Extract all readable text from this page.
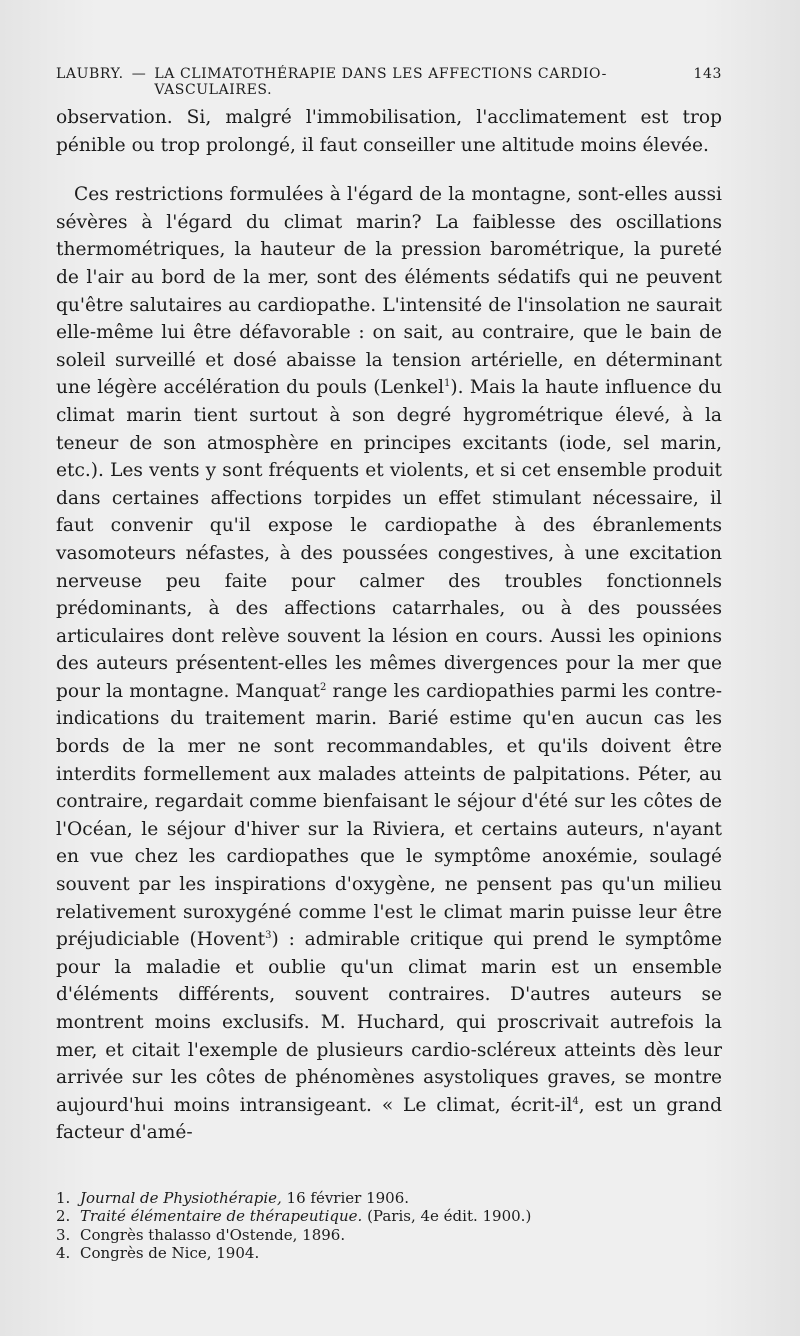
LAUBRY. — LA CLIMATOTHÉRAPIE DANS LES AFFECTIONS CARDIO-VASCULAIRES.
143

observation. Si, malgré l'immobilisation, l'acclimatement est trop pénible ou trop prolongé, il faut conseiller une altitude moins élevée.

Ces restrictions formulées à l'égard de la montagne, sont-elles aussi sévères à l'égard du climat marin? La faiblesse des oscillations thermométriques, la hauteur de la pression barométrique, la pureté de l'air au bord de la mer, sont des éléments sédatifs qui ne peuvent qu'être salutaires au cardiopathe. L'intensité de l'insolation ne saurait elle-même lui être défavorable : on sait, au contraire, que le bain de soleil surveillé et dosé abaisse la tension artérielle, en déterminant une légère accélération du pouls (Lenkel$^1$). Mais la haute influence du climat marin tient surtout à son degré hygrométrique élevé, à la teneur de son atmosphère en principes excitants (iode, sel marin, etc.). Les vents y sont fréquents et violents, et si cet ensemble produit dans certaines affections torpides un effet stimulant nécessaire, il faut convenir qu'il expose le cardiopathe à des ébranlements vasomoteurs néfastes, à des poussées congestives, à une excitation nerveuse peu faite pour calmer des troubles fonctionnels prédominants, à des affections catarrhales, ou à des poussées articulaires dont relève souvent la lésion en cours. Aussi les opinions des auteurs présentent-elles les mêmes divergences pour la mer que pour la montagne. Manquat$^2$ range les cardiopathies parmi les contre-indications du traitement marin. Barié estime qu'en aucun cas les bords de la mer ne sont recommandables, et qu'ils doivent être interdits formellement aux malades atteints de palpitations. Péter, au contraire, regardait comme bienfaisant le séjour d'été sur les côtes de l'Océan, le séjour d'hiver sur la Riviera, et certains auteurs, n'ayant en vue chez les cardiopathes que le symptôme anoxémie, soulagé souvent par les inspirations d'oxygène, ne pensent pas qu'un milieu relativement suroxygéné comme l'est le climat marin puisse leur être préjudiciable (Hovent$^3$) : admirable critique qui prend le symptôme pour la maladie et oublie qu'un climat marin est un ensemble d'éléments différents, souvent contraires. D'autres auteurs se montrent moins exclusifs. M. Huchard, qui proscrivait autrefois la mer, et citait l'exemple de plusieurs cardio-scléreux atteints dès leur arrivée sur les côtes de phénomènes asystoliques graves, se montre aujourd'hui moins intransigeant. « Le climat, écrit-$il^4$, est un grand facteur d'amé-

1. Journal de Physiothérapie, 16 février 1906.
2. Traité élémentaire de thérapeutique. (Paris, 4e édit. 1900.)
3. Congrès thalasso d'Ostende, 1896.
4. Congrès de Nice, 1904.
